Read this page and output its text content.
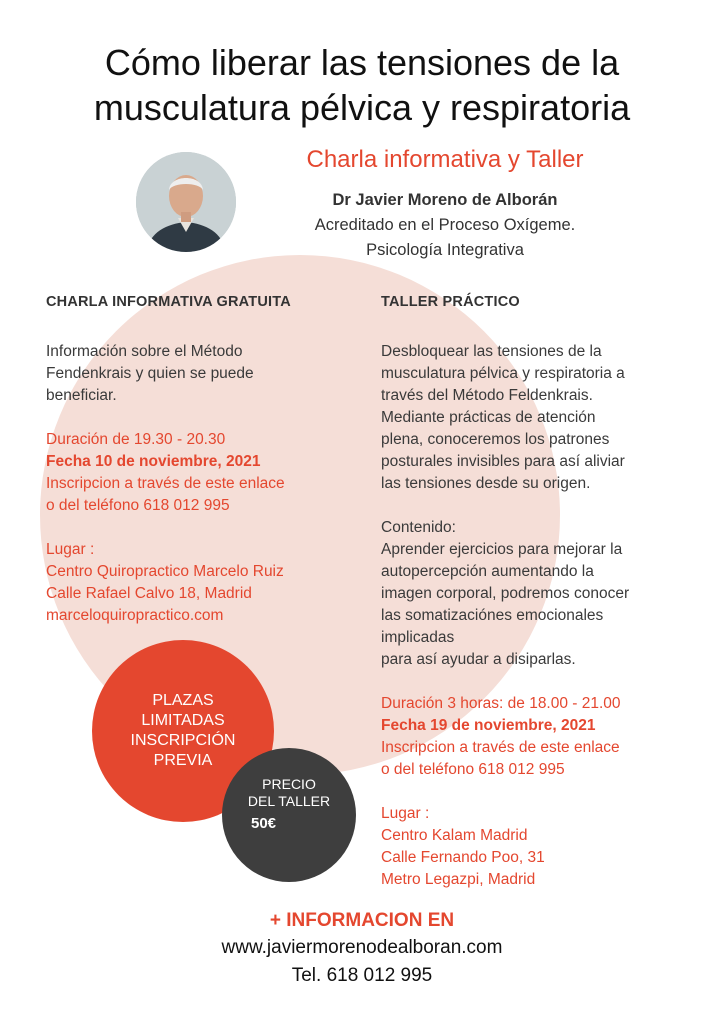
Cómo liberar las tensiones de la
musculatura pélvica y respiratoria
Charla informativa y Taller
Dr Javier Moreno de Alborán
Acreditado en el Proceso Oxígeme.
Psicología Integrativa

CHARLA INFORMATIVA GRATUITA

Información sobre el Método
Fendenkrais y quien se puede
beneficiar.

Duración de 19.30 - 20.30

Fecha 10 de noviembre, 2021

Inscripcion a través de este enlace
o del teléfono 618 012 995

Lugar :

Centro Quiropractico Marcelo Ruiz
Calle Rafael Calvo 18, Madrid
marceloquiropractico.com

TALLER PRÁCTICO

Desbloquear las tensiones de la
musculatura pélvica y respiratoria a
través del Método Feldenkrais.
Mediante prácticas de atención
plena, conoceremos los patrones
posturales invisibles para así aliviar
las tensiones desde su origen.

Contenido:

Aprender ejercicios para mejorar la
autopercepción aumentando la
imagen corporal, podremos conocer
las somatizaciónes emocionales
implicadas
para así ayudar a disiparlas.

Duración 3 horas: de 18.00 - 21.00

Fecha 19 de noviembre, 2021

Inscripcion a través de este enlace
o del teléfono 618 012 995

Lugar :

Centro Kalam Madrid
Calle Fernando Poo, 31
Metro Legazpi, Madrid

PLAZAS
LIMITADAS
INSCRIPCIÓN
PREVIA
PRECIO
DEL TALLER
50€
+ INFORMACION EN
www.javiermorenodealboran.com
Tel. 618 012 995
